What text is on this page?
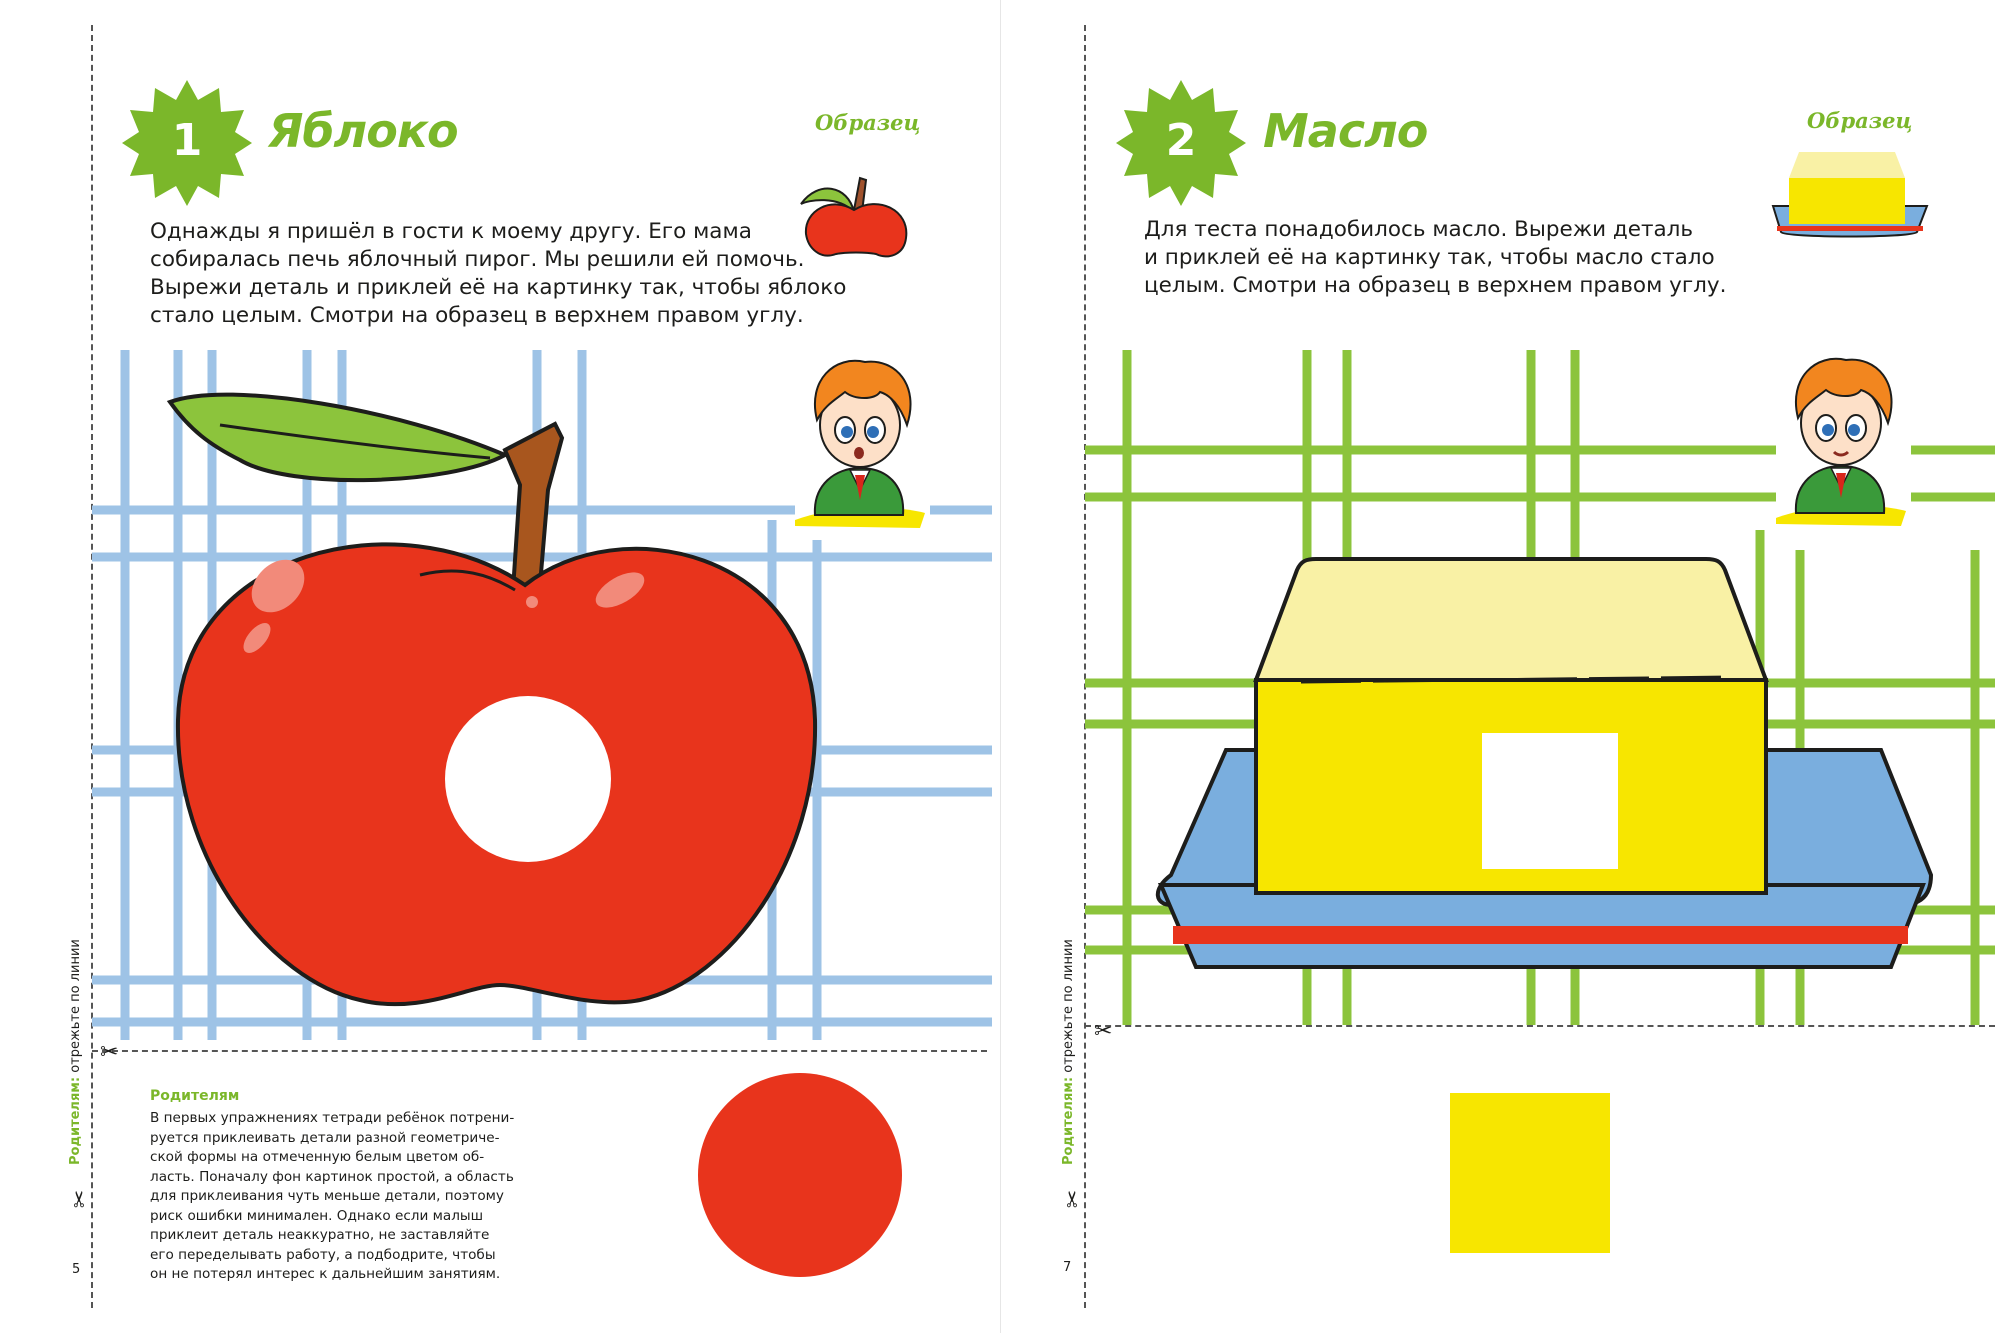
1	Яблоко	Образец

Однажды я пришёл в гости к моему другу. Его мама
собиралась печь яблочный пирог. Мы решили ей помочь.
Вырежи деталь и приклей её на картинку так, чтобы яблоко
стало целым. Смотри на образец в верхнем правом углу.

✂
✂
Родителям: отрежьте по линии
5
Родителям

В первых упражнениях тетради ребёнок потрени-
руется приклеивать детали разной геометриче-
ской формы на отмеченную белым цветом об-
ласть. Поначалу фон картинок простой, а область
для приклеивания чуть меньше детали, поэтому
риск ошибки минимален. Однако если малыш
приклеит деталь неаккуратно, не заставляйте
его переделывать работу, а подбодрите, чтобы
он не потерял интерес к дальнейшим занятиям.

2	Масло	Образец

Для теста понадобилось масло. Вырежи деталь
и приклей её на картинку так, чтобы масло стало
целым. Смотри на образец в верхнем правом углу.

✂
✂
Родителям: отрежьте по линии
7
